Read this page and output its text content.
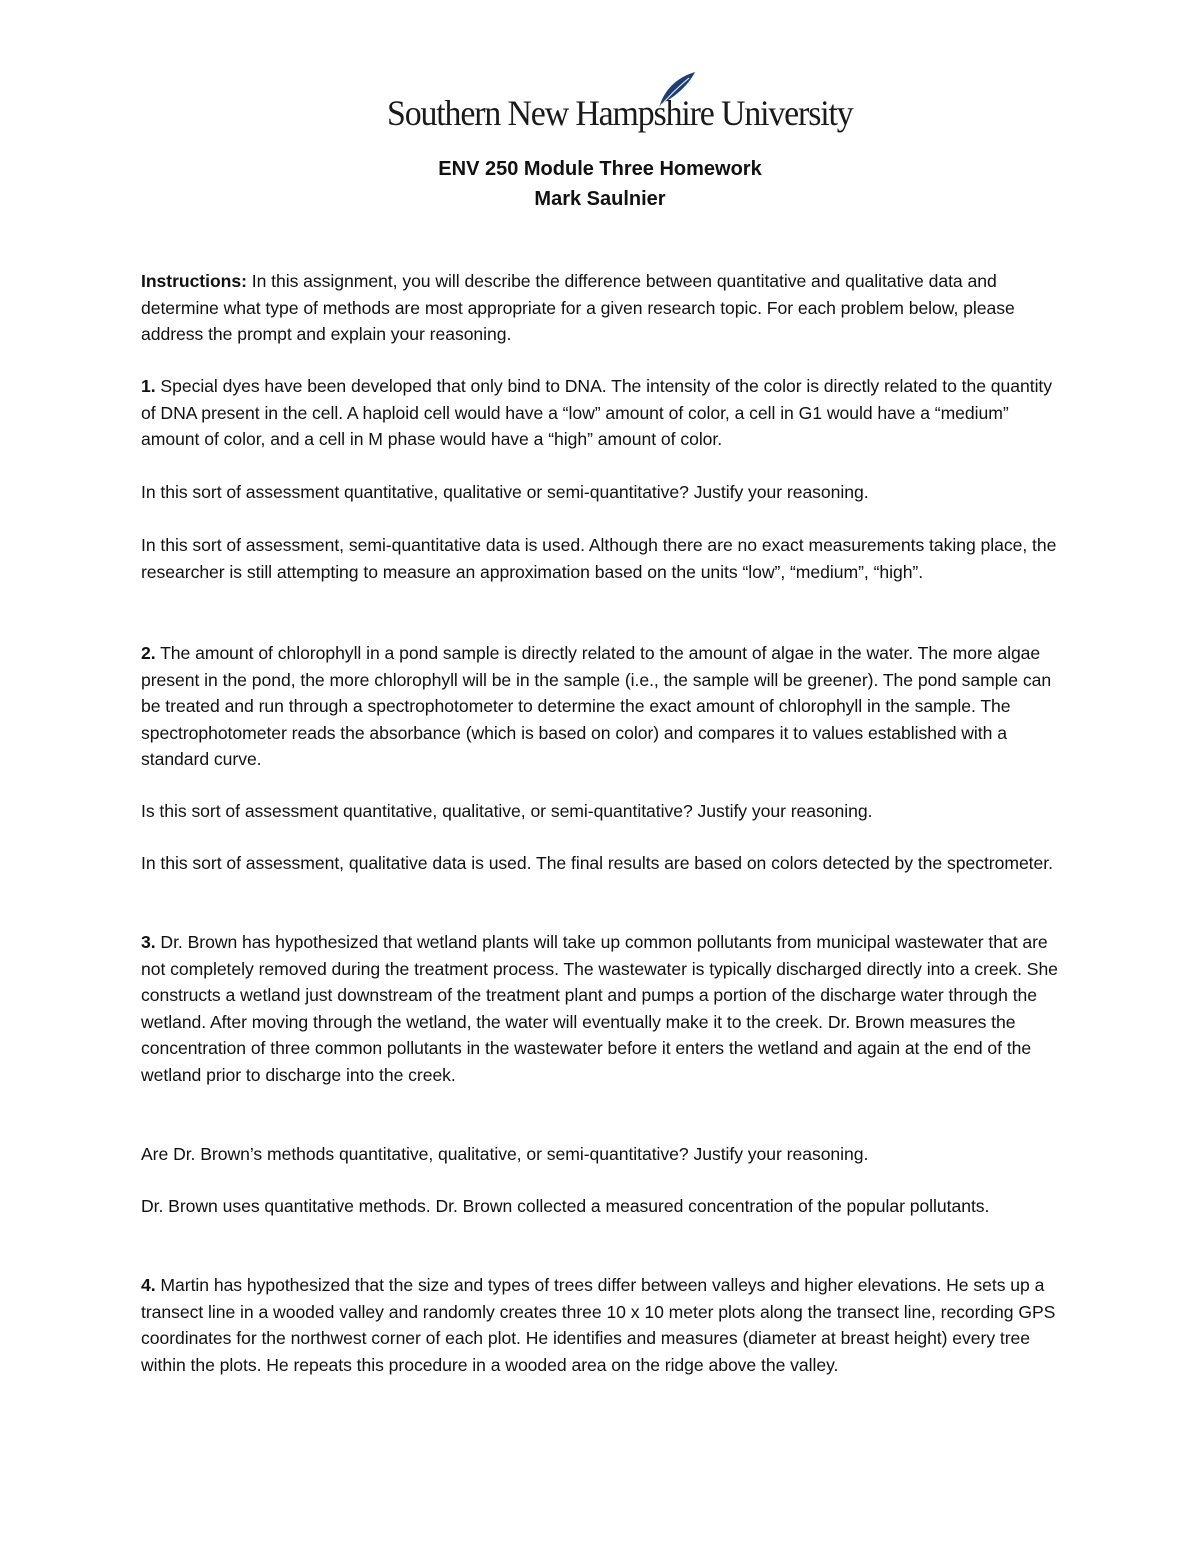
Southern New Hampshire University
ENV 250 Module Three Homework
Mark Saulnier

Instructions: In this assignment, you will describe the difference between quantitative and qualitative data and determine what type of methods are most appropriate for a given research topic. For each problem below, please address the prompt and explain your reasoning.

1. Special dyes have been developed that only bind to DNA. The intensity of the color is directly related to the quantity of DNA present in the cell. A haploid cell would have a “low” amount of color, a cell in G1 would have a “medium” amount of color, and a cell in M phase would have a “high” amount of color.

In this sort of assessment quantitative, qualitative or semi-quantitative? Justify your reasoning.

In this sort of assessment, semi-quantitative data is used. Although there are no exact measurements taking place, the researcher is still attempting to measure an approximation based on the units “low”, “medium”, “high”.

2. The amount of chlorophyll in a pond sample is directly related to the amount of algae in the water. The more algae present in the pond, the more chlorophyll will be in the sample (i.e., the sample will be greener). The pond sample can be treated and run through a spectrophotometer to determine the exact amount of chlorophyll in the sample. The spectrophotometer reads the absorbance (which is based on color) and compares it to values established with a standard curve.

Is this sort of assessment quantitative, qualitative, or semi-quantitative? Justify your reasoning.

In this sort of assessment, qualitative data is used. The final results are based on colors detected by the spectrometer.

3. Dr. Brown has hypothesized that wetland plants will take up common pollutants from municipal wastewater that are not completely removed during the treatment process. The wastewater is typically discharged directly into a creek. She constructs a wetland just downstream of the treatment plant and pumps a portion of the discharge water through the wetland. After moving through the wetland, the water will eventually make it to the creek. Dr. Brown measures the concentration of three common pollutants in the wastewater before it enters the wetland and again at the end of the wetland prior to discharge into the creek.

Are Dr. Brown’s methods quantitative, qualitative, or semi-quantitative? Justify your reasoning.

Dr. Brown uses quantitative methods. Dr. Brown collected a measured concentration of the popular pollutants.

4. Martin has hypothesized that the size and types of trees differ between valleys and higher elevations. He sets up a transect line in a wooded valley and randomly creates three 10 x 10 meter plots along the transect line, recording GPS coordinates for the northwest corner of each plot. He identifies and measures (diameter at breast height) every tree within the plots. He repeats this procedure in a wooded area on the ridge above the valley.
